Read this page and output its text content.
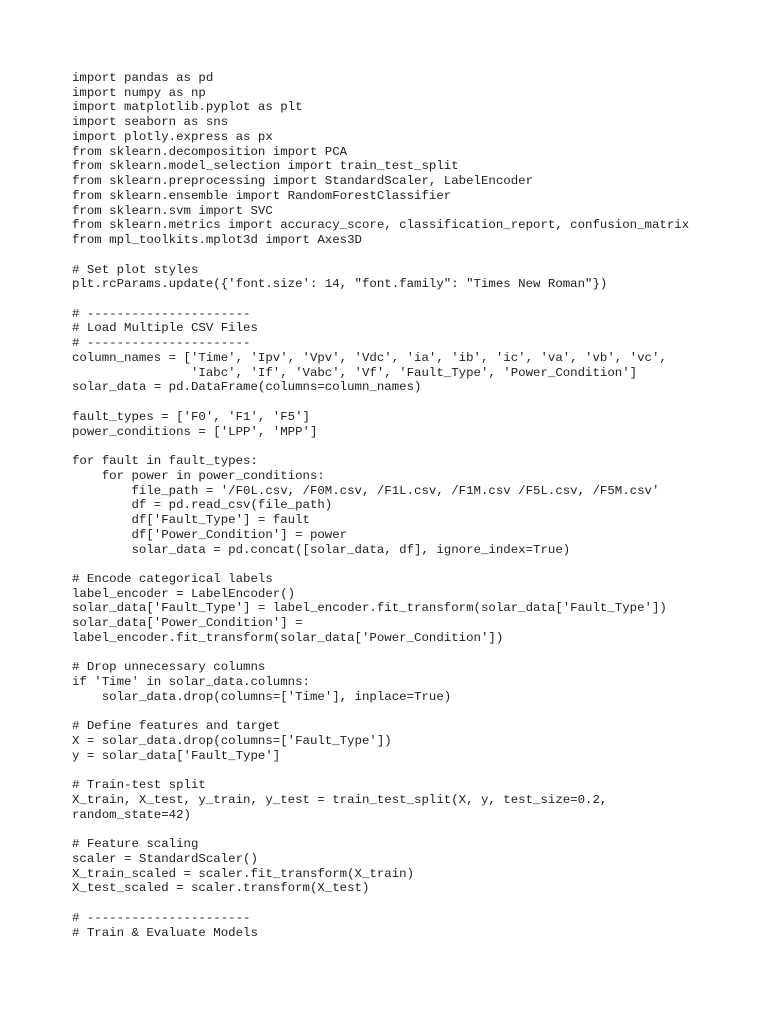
import pandas as pd
import numpy as np
import matplotlib.pyplot as plt
import seaborn as sns
import plotly.express as px
from sklearn.decomposition import PCA
from sklearn.model_selection import train_test_split
from sklearn.preprocessing import StandardScaler, LabelEncoder
from sklearn.ensemble import RandomForestClassifier
from sklearn.svm import SVC
from sklearn.metrics import accuracy_score, classification_report, confusion_matrix
from mpl_toolkits.mplot3d import Axes3D
# Set plot styles
plt.rcParams.update({'font.size': 14, "font.family": "Times New Roman"})
# ----------------------
# Load Multiple CSV Files
# ----------------------
column_names = ['Time', 'Ipv', 'Vpv', 'Vdc', 'ia', 'ib', 'ic', 'va', 'vb', 'vc',
'Iabc', 'If', 'Vabc', 'Vf', 'Fault_Type', 'Power_Condition']
solar_data = pd.DataFrame(columns=column_names)
fault_types = ['F0', 'F1', 'F5']
power_conditions = ['LPP', 'MPP']
for fault in fault_types:
for power in power_conditions:
file_path = '/F0L.csv, /F0M.csv, /F1L.csv, /F1M.csv /F5L.csv, /F5M.csv'
df = pd.read_csv(file_path)
df['Fault_Type'] = fault
df['Power_Condition'] = power
solar_data = pd.concat([solar_data, df], ignore_index=True)
# Encode categorical labels
label_encoder = LabelEncoder()
solar_data['Fault_Type'] = label_encoder.fit_transform(solar_data['Fault_Type'])
solar_data['Power_Condition'] =
label_encoder.fit_transform(solar_data['Power_Condition'])
# Drop unnecessary columns
if 'Time' in solar_data.columns:
solar_data.drop(columns=['Time'], inplace=True)
# Define features and target
X = solar_data.drop(columns=['Fault_Type'])
y = solar_data['Fault_Type']
# Train-test split
X_train, X_test, y_train, y_test = train_test_split(X, y, test_size=0.2,
random_state=42)
# Feature scaling
scaler = StandardScaler()
X_train_scaled = scaler.fit_transform(X_train)
X_test_scaled = scaler.transform(X_test)
# ----------------------
# Train & Evaluate Models
